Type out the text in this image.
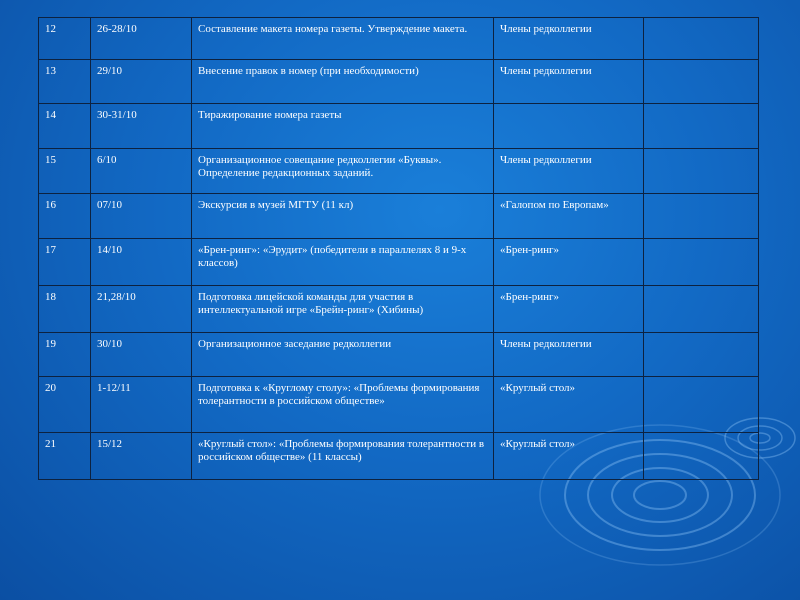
12	26-28/10	Составление макета номера газеты. Утверждение макета.	Члены редколлегии	
13	29/10	Внесение правок в номер (при необходимости)	Члены редколлегии	
14	30-31/10	Тиражирование номера газеты		
15	6/10	Организационное совещание редколлегии «Буквы». Определение редакционных заданий.	Члены редколлегии	
16	07/10	Экскурсия в музей МГТУ (11 кл)	«Галопом по Европам»	
17	14/10	«Брен-ринг»: «Эрудит» (победители в параллелях 8 и 9-х классов)	«Брен-ринг»	
18	21,28/10	Подготовка лицейской команды для участия в интеллектуальной игре «Брейн-ринг» (Хибины)	«Брен-ринг»	
19	30/10	Организационное заседание редколлегии	Члены редколлегии	
20	1-12/11	Подготовка к «Круглому столу»: «Проблемы формирования толерантности в российском обществе»	«Круглый стол»	
21	15/12	«Круглый стол»: «Проблемы формирования толерантности в российском обществе» (11 классы)	«Круглый стол»	
